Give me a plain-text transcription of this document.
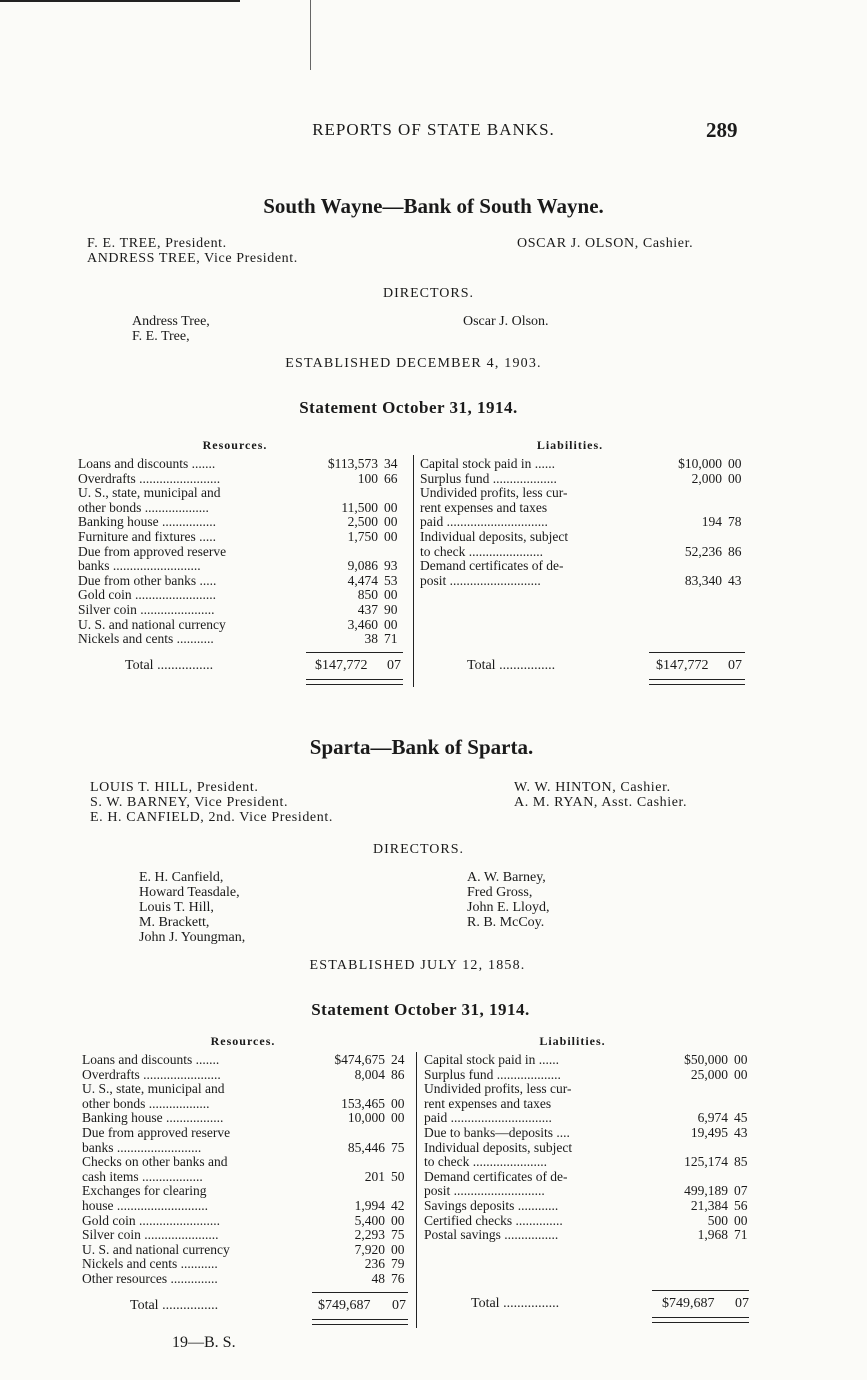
REPORTS OF STATE BANKS.	289
South Wayne—Bank of South Wayne.
F. E. TREE, President.
ANDRESS TREE, Vice President.
OSCAR J. OLSON, Cashier.
DIRECTORS.
Andress Tree,
F. E. Tree,
Oscar J. Olson.
ESTABLISHED DECEMBER 4, 1903.
Statement October 31, 1914.
Resources.	Liabilities.
Loans and discounts .......	$113,573 34
Overdrafts ........................	100 66
U. S., state, municipal and
other bonds ...................	11,500 00
Banking house ................	2,500 00
Furniture and fixtures .....	1,750 00
Due from approved reserve
banks ..........................	9,086 93
Due from other banks .....	4,474 53
Gold coin ........................	850 00
Silver coin ......................	437 90
U. S. and national currency	3,460 00
Nickels and cents ...........	38 71
Capital stock paid in ......	$10,000 00
Surplus fund ...................	2,000 00
Undivided profits, less cur-
rent expenses and taxes
paid ..............................	194 78
Individual deposits, subject
to check ......................	52,236 86
Demand certificates of de-
posit ...........................	83,340 43
Total ................	$147,772 07	Total ................	$147,772 07
Sparta—Bank of Sparta.
LOUIS T. HILL, President.
S. W. BARNEY, Vice President.
E. H. CANFIELD, 2nd. Vice President.
W. W. HINTON, Cashier.
A. M. RYAN, Asst. Cashier.
DIRECTORS.
E. H. Canfield,
Howard Teasdale,
Louis T. Hill,
M. Brackett,
John J. Youngman,
A. W. Barney,
Fred Gross,
John E. Lloyd,
R. B. McCoy.
ESTABLISHED JULY 12, 1858.
Statement October 31, 1914.
Resources.	Liabilities.
Loans and discounts .......	$474,675 24
Overdrafts .......................	8,004 86
U. S., state, municipal and
other bonds ..................	153,465 00
Banking house .................	10,000 00
Due from approved reserve
banks .........................	85,446 75
Checks on other banks and
cash items ..................	201 50
Exchanges for clearing
house ...........................	1,994 42
Gold coin ........................	5,400 00
Silver coin ......................	2,293 75
U. S. and national currency	7,920 00
Nickels and cents ...........	236 79
Other resources ..............	48 76
Capital stock paid in ......	$50,000 00
Surplus fund ...................	25,000 00
Undivided profits, less cur-
rent expenses and taxes
paid ..............................	6,974 45
Due to banks—deposits ....	19,495 43
Individual deposits, subject
to check ......................	125,174 85
Demand certificates of de-
posit ...........................	499,189 07
Savings deposits ............	21,384 56
Certified checks ..............	500 00
Postal savings ................	1,968 71
Total ................	$749,687 07	Total ................	$749,687 07
19—B. S.
